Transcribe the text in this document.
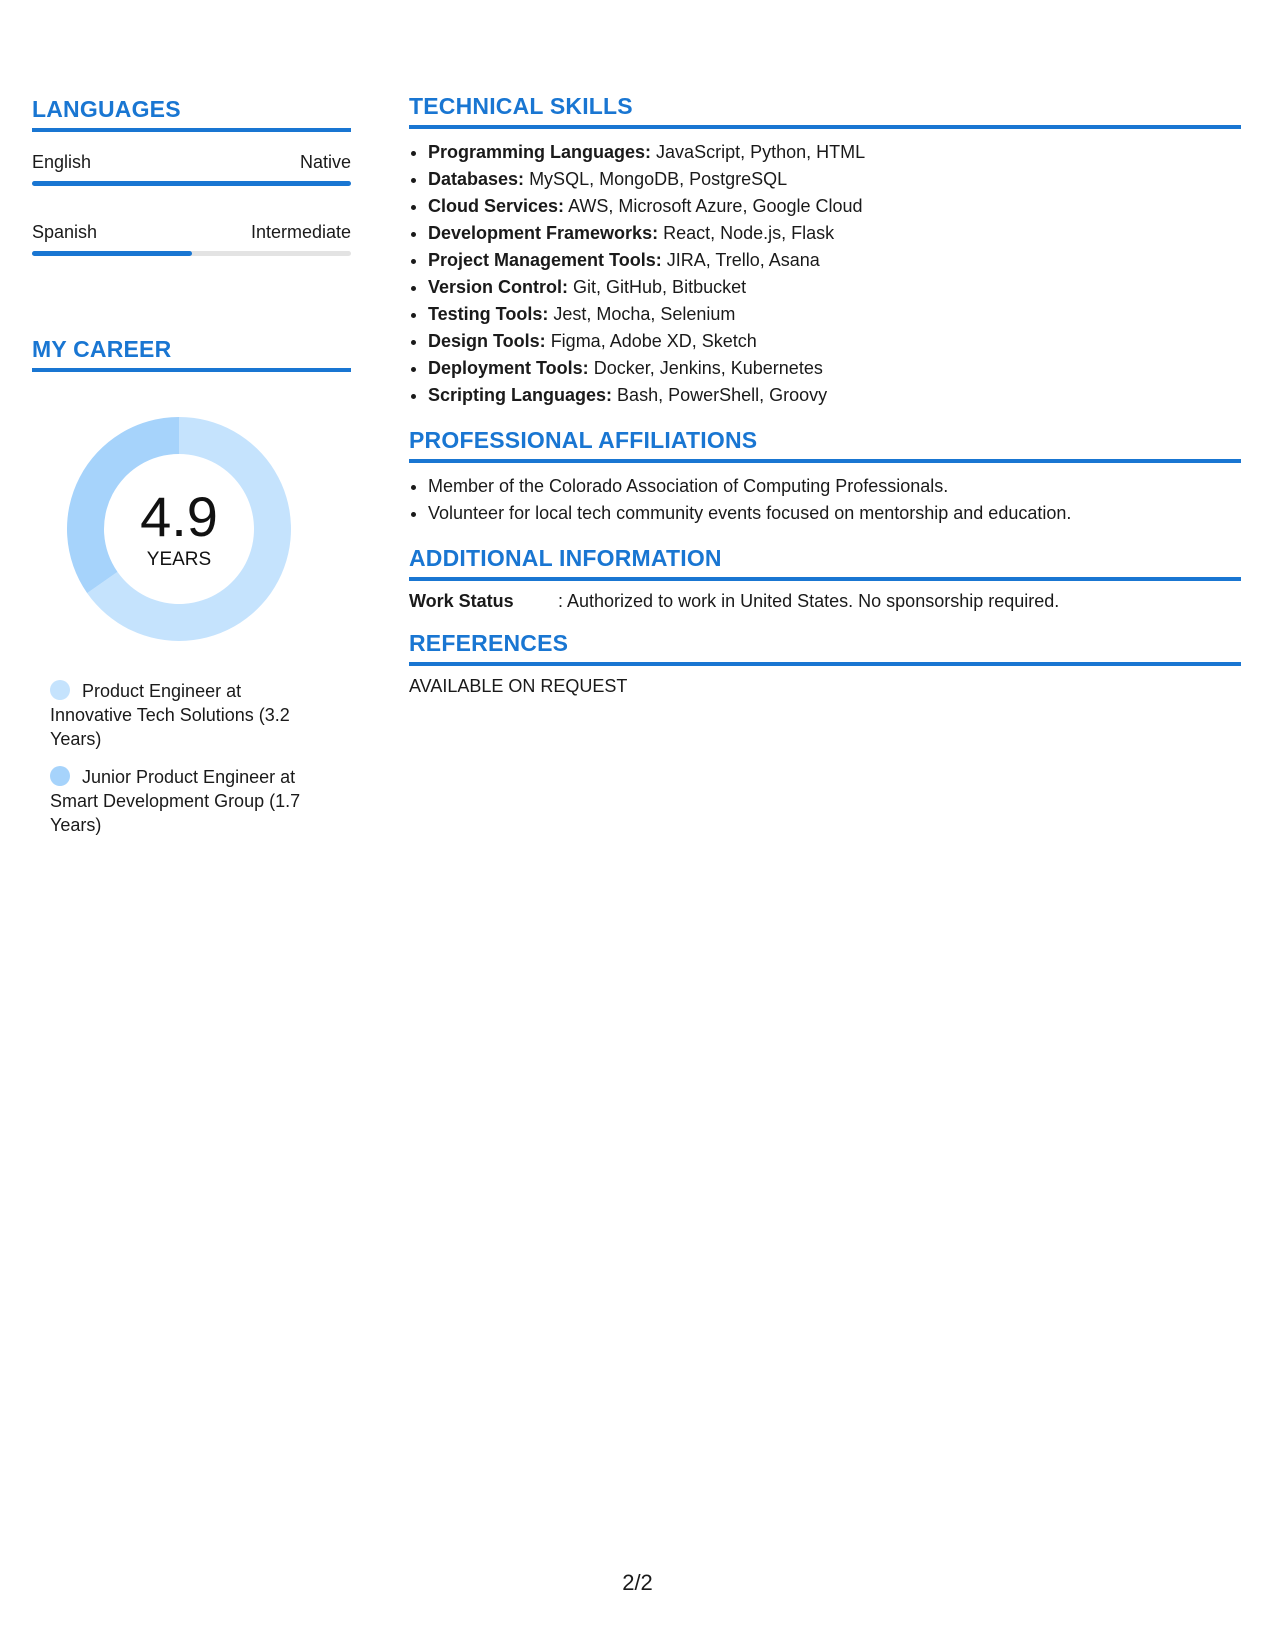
LANGUAGES
English	Native
Spanish	Intermediate
MY CAREER
4.9
YEARS
Product Engineer at Innovative Tech Solutions (3.2 Years)
Junior Product Engineer at Smart Development Group (1.7 Years)
TECHNICAL SKILLS
• Programming Languages: JavaScript, Python, HTML
• Databases: MySQL, MongoDB, PostgreSQL
• Cloud Services: AWS, Microsoft Azure, Google Cloud
• Development Frameworks: React, Node.js, Flask
• Project Management Tools: JIRA, Trello, Asana
• Version Control: Git, GitHub, Bitbucket
• Testing Tools: Jest, Mocha, Selenium
• Design Tools: Figma, Adobe XD, Sketch
• Deployment Tools: Docker, Jenkins, Kubernetes
• Scripting Languages: Bash, PowerShell, Groovy
PROFESSIONAL AFFILIATIONS
• Member of the Colorado Association of Computing Professionals.
• Volunteer for local tech community events focused on mentorship and education.
ADDITIONAL INFORMATION
Work Status	: Authorized to work in United States. No sponsorship required.
REFERENCES
AVAILABLE ON REQUEST
2/2
